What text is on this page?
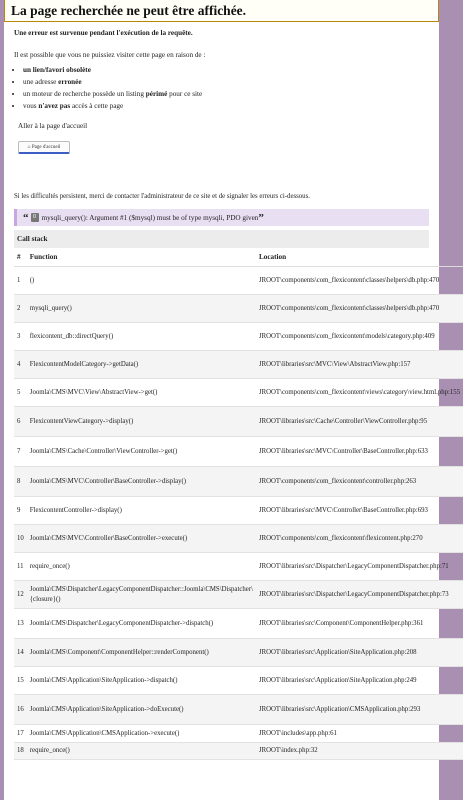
La page recherchée ne peut être affichée.
Une erreur est survenue pendant l'exécution de la requête.
Il est possible que vous ne puissiez visiter cette page en raison de :
• un lien/favori obsolète
• une adresse erronée
• un moteur de recherche possède un listing périmé pour ce site
• vous n'avez pas accès à cette page
Aller à la page d'accueil
⌂ Page d'accueil
Si les difficultés persistent, merci de contacter l'administrateur de ce site et de signaler les erreurs ci-dessous.
“ 0 mysqli_query(): Argument #1 ($mysql) must be of type mysqli, PDO given ”
Call stack
#	Function	Location
1	()	JROOT\components\com_flexicontent\classes\helpers\db.php:470
2	mysqli_query()	JROOT\components\com_flexicontent\classes\helpers\db.php:470
3	flexicontent_db::directQuery()	JROOT\components\com_flexicontent\models\category.php:409
4	FlexicontentModelCategory->getData()	JROOT\libraries\src\MVC\View\AbstractView.php:157
5	Joomla\CMS\MVC\View\AbstractView->get()	JROOT\components\com_flexicontent\views\category\view.html.php:155
6	FlexicontentViewCategory->display()	JROOT\libraries\src\Cache\Controller\ViewController.php:95
7	Joomla\CMS\Cache\Controller\ViewController->get()	JROOT\libraries\src\MVC\Controller\BaseController.php:633
8	Joomla\CMS\MVC\Controller\BaseController->display()	JROOT\components\com_flexicontent\controller.php:263
9	FlexicontentController->display()	JROOT\libraries\src\MVC\Controller\BaseController.php:693
10	Joomla\CMS\MVC\Controller\BaseController->execute()	JROOT\components\com_flexicontent\flexicontent.php:270
11	require_once()	JROOT\libraries\src\Dispatcher\LegacyComponentDispatcher.php:71
12	Joomla\CMS\Dispatcher\LegacyComponentDispatcher::Joomla\CMS\Dispatcher\{closure}()	JROOT\libraries\src\Dispatcher\LegacyComponentDispatcher.php:73
13	Joomla\CMS\Dispatcher\LegacyComponentDispatcher->dispatch()	JROOT\libraries\src\Component\ComponentHelper.php:361
14	Joomla\CMS\Component\ComponentHelper::renderComponent()	JROOT\libraries\src\Application\SiteApplication.php:208
15	Joomla\CMS\Application\SiteApplication->dispatch()	JROOT\libraries\src\Application\SiteApplication.php:249
16	Joomla\CMS\Application\SiteApplication->doExecute()	JROOT\libraries\src\Application\CMSApplication.php:293
17	Joomla\CMS\Application\CMSApplication->execute()	JROOT\includes\app.php:61
18	require_once()	JROOT\index.php:32
